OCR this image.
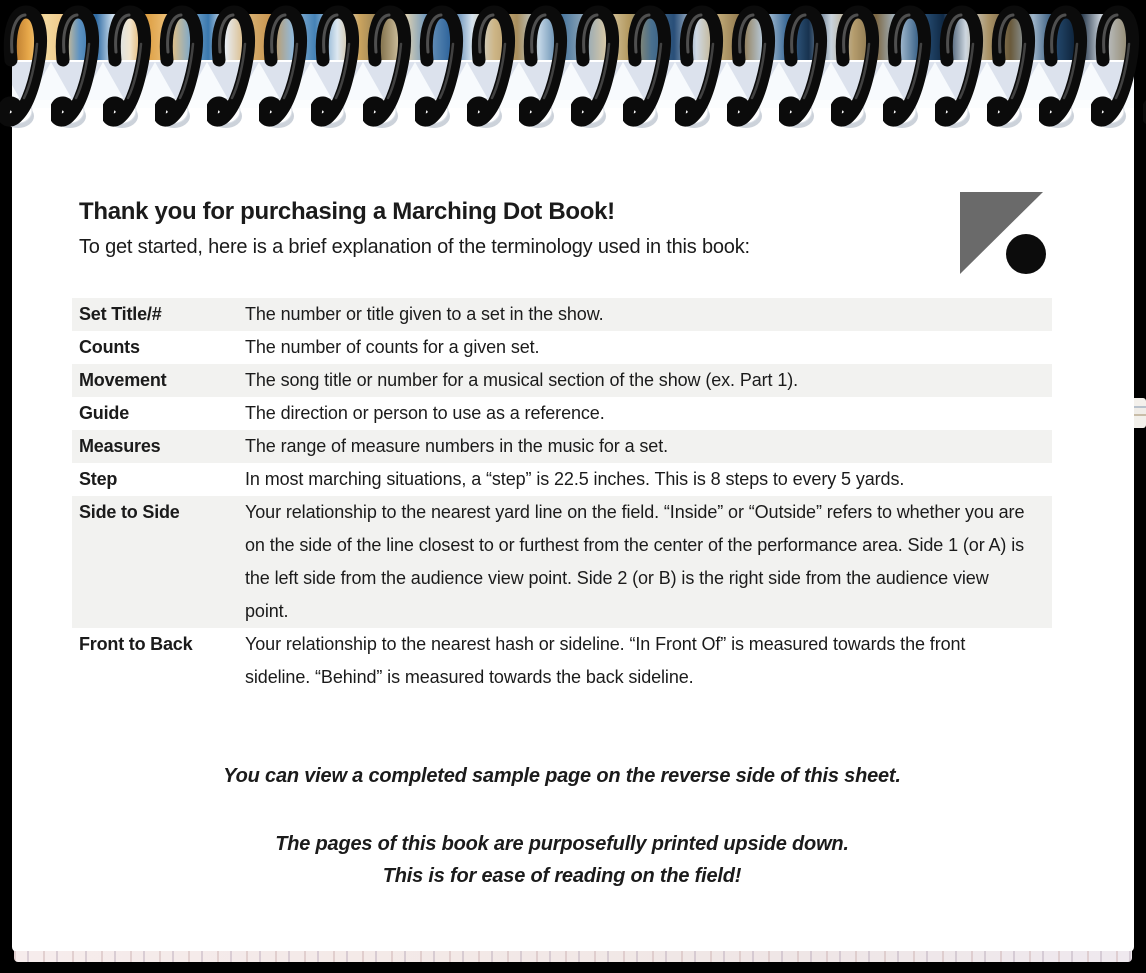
Thank you for purchasing a Marching Dot Book!
To get started, here is a brief explanation of the terminology used in this book:
Set Title/#	The number or title given to a set in the show.
Counts	The number of counts for a given set.
Movement	The song title or number for a musical section of the show (ex. Part 1).
Guide	The direction or person to use as a reference.
Measures	The range of measure numbers in the music for a set.
Step	In most marching situations, a “step” is 22.5 inches. This is 8 steps to every 5 yards.
Side to Side	Your relationship to the nearest yard line on the field. “Inside” or “Outside” refers to whether you are on the side of the line closest to or furthest from the center of the performance area. Side 1 (or A) is the left side from the audience view point. Side 2 (or B) is the right side from the audience view point.
Front to Back	Your relationship to the nearest hash or sideline. “In Front Of” is measured towards the front sideline. “Behind” is measured towards the back sideline.

You can view a completed sample page on the reverse side of this sheet.

The pages of this book are purposefully printed upside down.

This is for ease of reading on the field!
